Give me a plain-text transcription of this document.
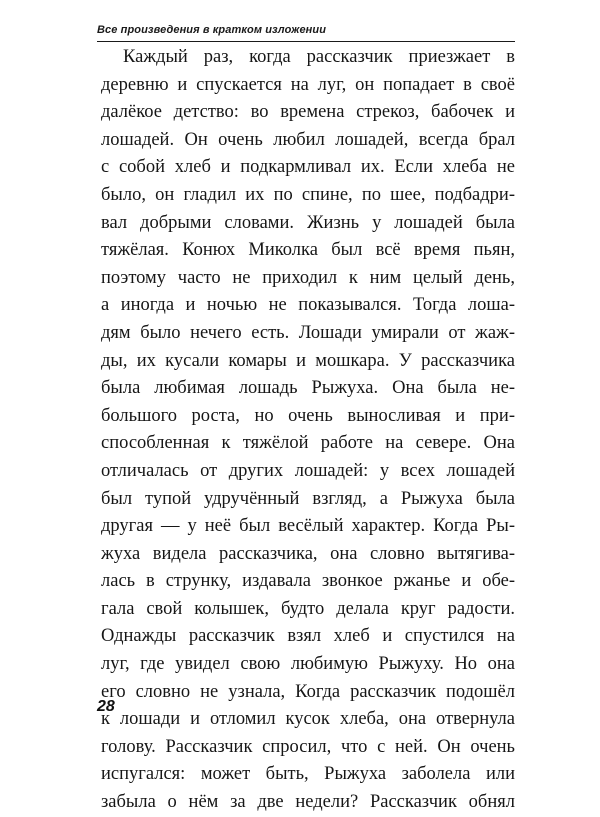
Все произведения в кратком изложении
Каждый раз, когда рассказчик приезжает в
деревню и спускается на луг, он попадает в своё
далёкое детство: во времена стрекоз, бабочек и
лошадей. Он очень любил лошадей, всегда брал
с собой хлеб и подкармливал их. Если хлеба не
было, он гладил их по спине, по шее, подбадри-
вал добрыми словами. Жизнь у лошадей была
тяжёлая. Конюх Миколка был всё время пьян,
поэтому часто не приходил к ним целый день,
а иногда и ночью не показывался. Тогда лоша-
дям было нечего есть. Лошади умирали от жаж-
ды, их кусали комары и мошкара. У рассказчика
была любимая лошадь Рыжуха. Она была не-
большого роста, но очень выносливая и при-
способленная к тяжёлой работе на севере. Она
отличалась от других лошадей: у всех лошадей
был тупой удручённый взгляд, а Рыжуха была
другая — у неё был весёлый характер. Когда Ры-
жуха видела рассказчика, она словно вытягива-
лась в струнку, издавала звонкое ржанье и обе-
гала свой колышек, будто делала круг радости.
Однажды рассказчик взял хлеб и спустился на
луг, где увидел свою любимую Рыжуху. Но она
его словно не узнала, Когда рассказчик подошёл
к лошади и отломил кусок хлеба, она отвернула
голову. Рассказчик спросил, что с ней. Он очень
испугался: может быть, Рыжуха заболела или
забыла о нём за две недели? Рассказчик обнял
28
